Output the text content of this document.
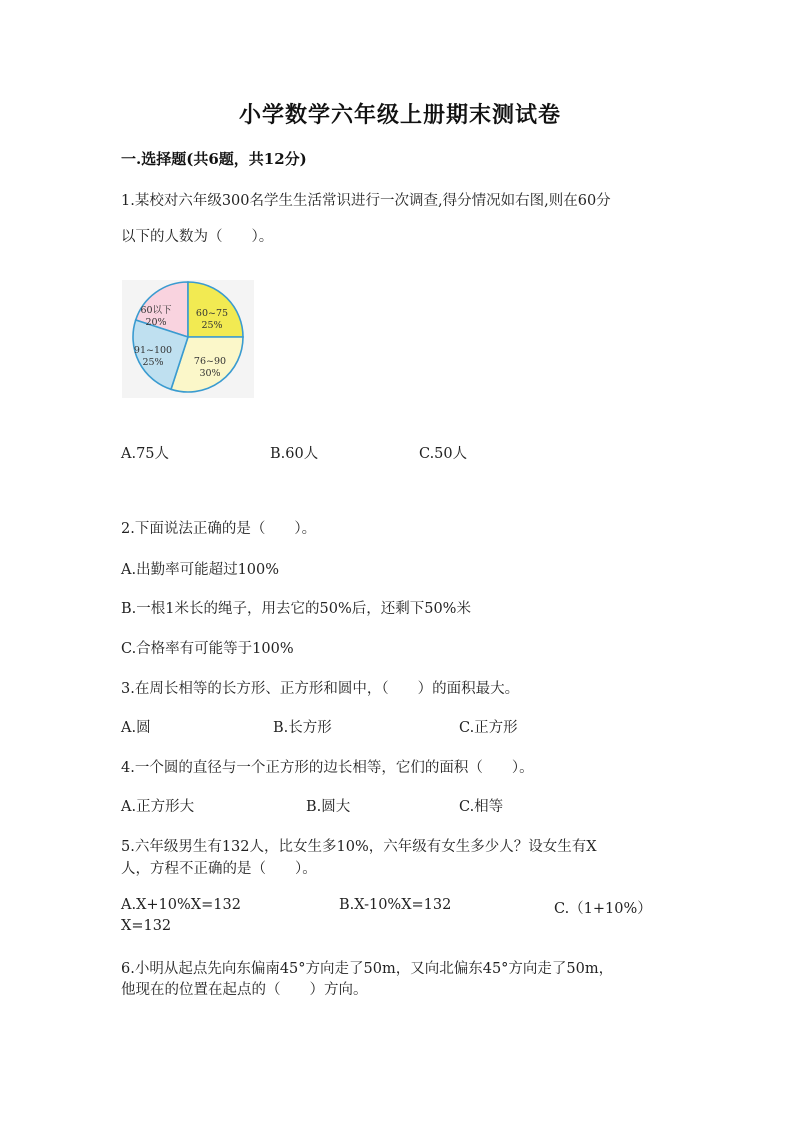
小学数学六年级上册期末测试卷
一.选择题(共6题，共12分)
1.某校对六年级300名学生生活常识进行一次调查,得分情况如右图,则在60分
以下的人数为（　　）。
60以下
20%
60~75
25%
76~90
30%
91~100
25%
A.75人	B.60人	C.50人
2.下面说法正确的是（　　）。
A.出勤率可能超过100%
B.一根1米长的绳子，用去它的50%后，还剩下50%米
C.合格率有可能等于100%
3.在周长相等的长方形、正方形和圆中，（　　）的面积最大。
A.圆	B.长方形	C.正方形
4.一个圆的直径与一个正方形的边长相等，它们的面积（　　）。
A.正方形大	B.圆大	C.相等
5.六年级男生有132人，比女生多10%，六年级有女生多少人？设女生有X
人，方程不正确的是（　　）。
A.X+10%X=132	B.X-10%X=132	C.（1+10%）
X=132
6.小明从起点先向东偏南45°方向走了50m，又向北偏东45°方向走了50m，
他现在的位置在起点的（　　）方向。
